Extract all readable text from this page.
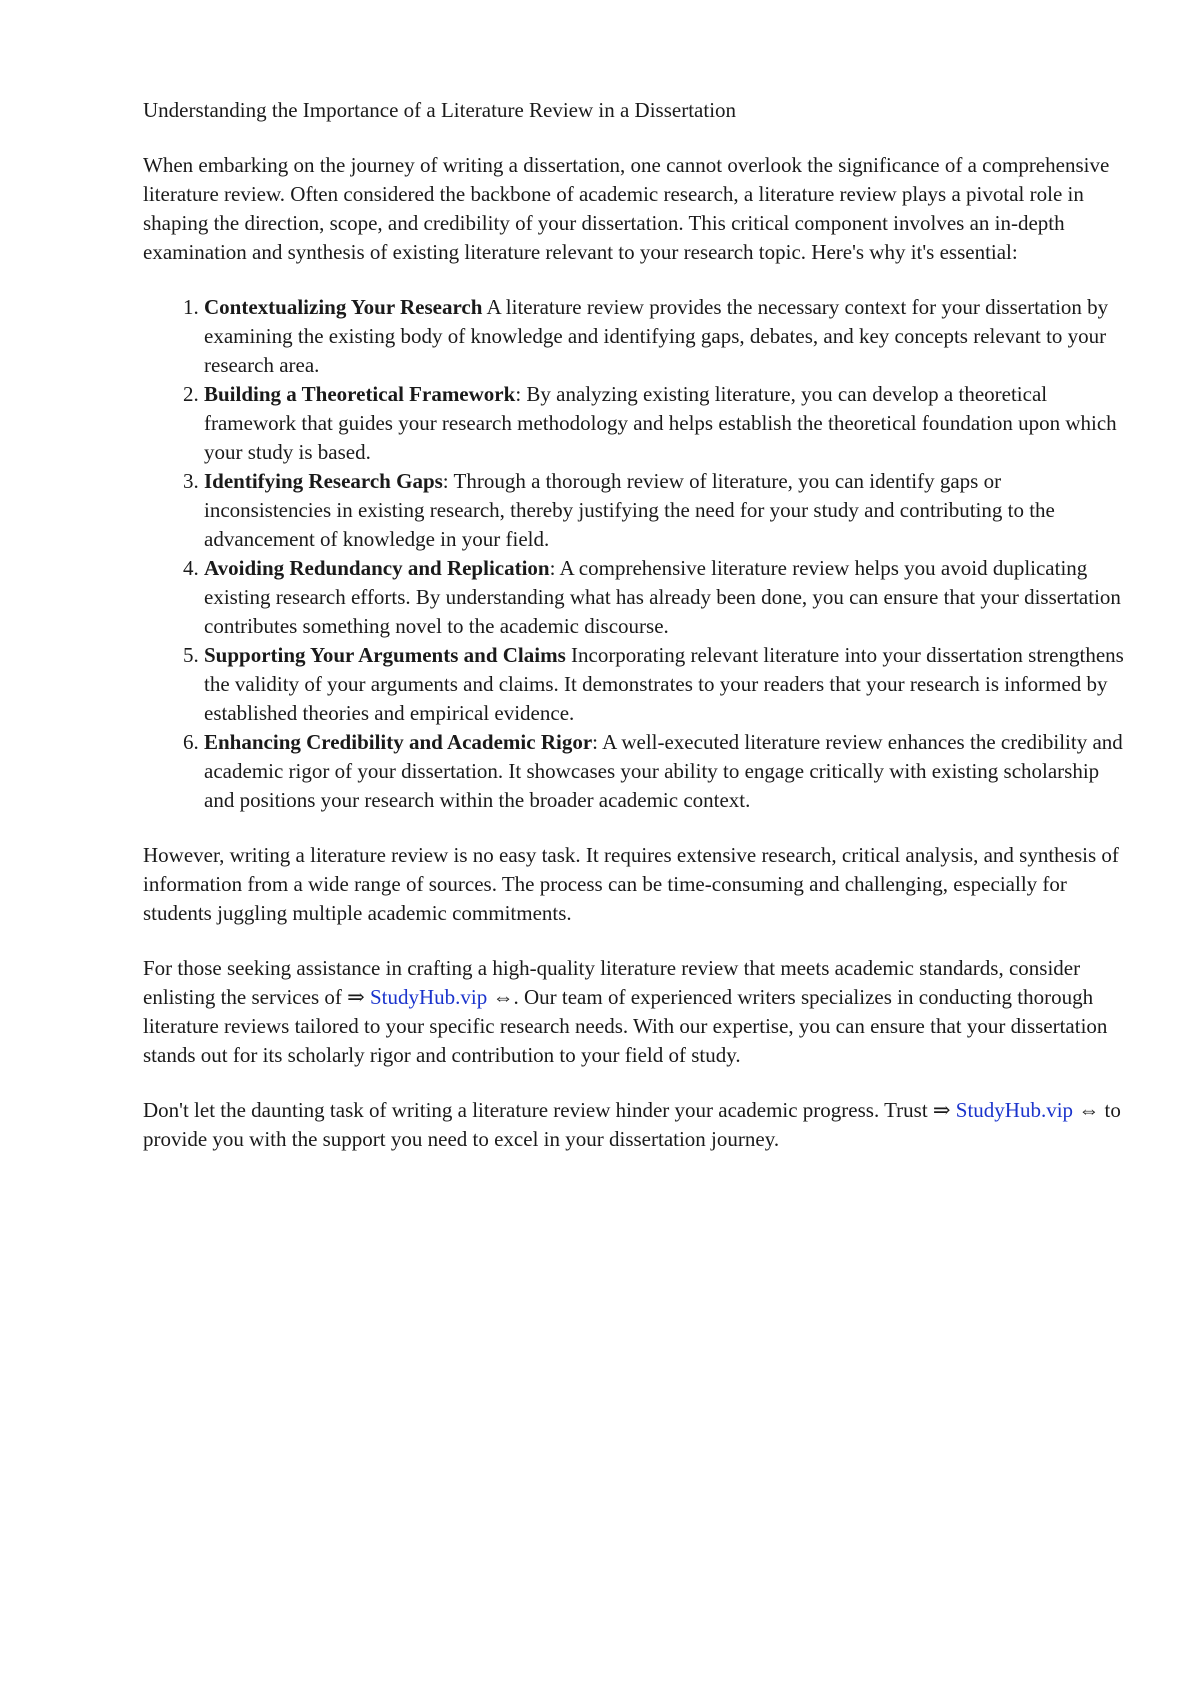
Understanding the Importance of a Literature Review in a Dissertation

When embarking on the journey of writing a dissertation, one cannot overlook the significance of a comprehensive literature review. Often considered the backbone of academic research, a literature review plays a pivotal role in shaping the direction, scope, and credibility of your dissertation. This critical component involves an in-depth examination and synthesis of existing literature relevant to your research topic. Here's why it's essential:

1. Contextualizing Your Research A literature review provides the necessary context for your dissertation by examining the existing body of knowledge and identifying gaps, debates, and key concepts relevant to your research area.
2. Building a Theoretical Framework: By analyzing existing literature, you can develop a theoretical framework that guides your research methodology and helps establish the theoretical foundation upon which your study is based.
3. Identifying Research Gaps: Through a thorough review of literature, you can identify gaps or inconsistencies in existing research, thereby justifying the need for your study and contributing to the advancement of knowledge in your field.
4. Avoiding Redundancy and Replication: A comprehensive literature review helps you avoid duplicating existing research efforts. By understanding what has already been done, you can ensure that your dissertation contributes something novel to the academic discourse.
5. Supporting Your Arguments and Claims Incorporating relevant literature into your dissertation strengthens the validity of your arguments and claims. It demonstrates to your readers that your research is informed by established theories and empirical evidence.
6. Enhancing Credibility and Academic Rigor: A well-executed literature review enhances the credibility and academic rigor of your dissertation. It showcases your ability to engage critically with existing scholarship and positions your research within the broader academic context.

However, writing a literature review is no easy task. It requires extensive research, critical analysis, and synthesis of information from a wide range of sources. The process can be time-consuming and challenging, especially for students juggling multiple academic commitments.

For those seeking assistance in crafting a high-quality literature review that meets academic standards, consider enlisting the services of ⇒ StudyHub.vip ⇔. Our team of experienced writers specializes in conducting thorough literature reviews tailored to your specific research needs. With our expertise, you can ensure that your dissertation stands out for its scholarly rigor and contribution to your field of study.

Don't let the daunting task of writing a literature review hinder your academic progress. Trust ⇒ StudyHub.vip ⇔ to provide you with the support you need to excel in your dissertation journey.
